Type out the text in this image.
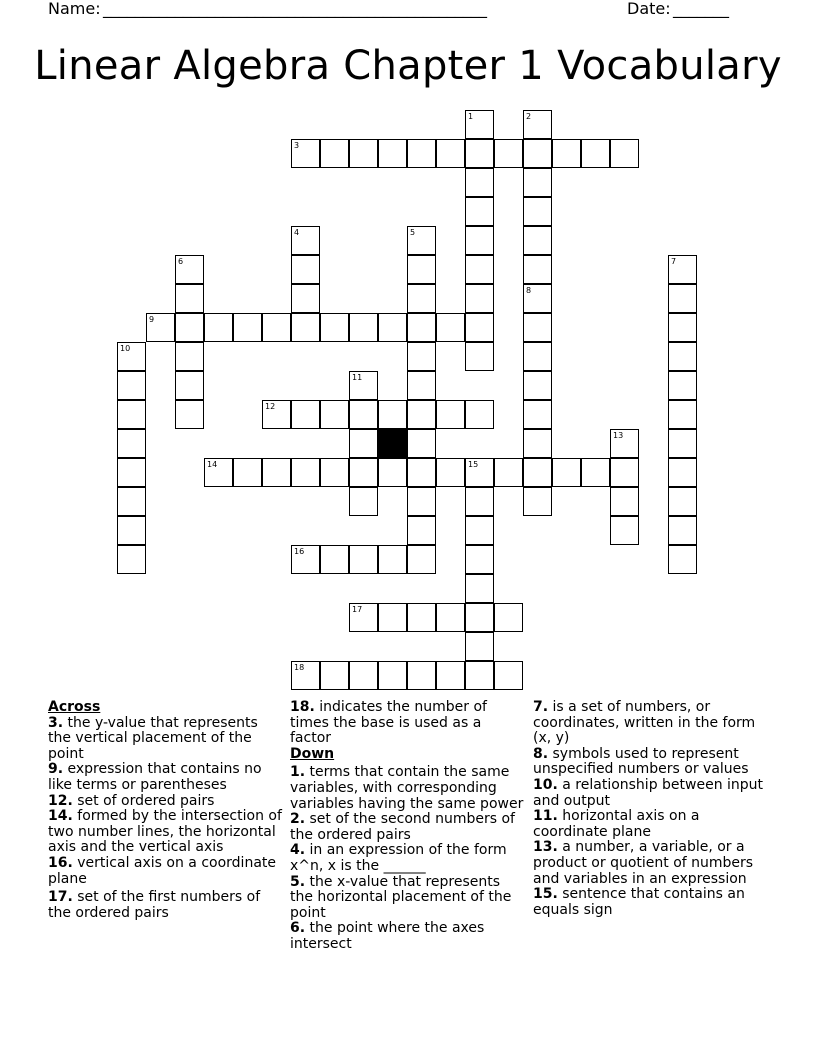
Name: ________________________________________________	Date: _______
Linear Algebra Chapter 1 Vocabulary
3
9
12
14	15
16
17
18
1	2
4	5
6	7
8
10
11
13
Across
3. the y-value that represents the vertical placement of the point
9. expression that contains no like terms or parentheses
12. set of ordered pairs
14. formed by the intersection of two number lines, the horizontal axis and the vertical axis
16. vertical axis on a coordinate plane
17. set of the first numbers of the ordered pairs
18. indicates the number of times the base is used as a factor
Down
1. terms that contain the same variables, with corresponding variables having the same power
2. set of the second numbers of the ordered pairs
4. in an expression of the form x^n, x is the ______
5. the x-value that represents the horizontal placement of the point
6. the point where the axes intersect
7. is a set of numbers, or coordinates, written in the form (x, y)
8. symbols used to represent unspecified numbers or values
10. a relationship between input and output
11. horizontal axis on a coordinate plane
13. a number, a variable, or a product or quotient of numbers and variables in an expression
15. sentence that contains an equals sign
